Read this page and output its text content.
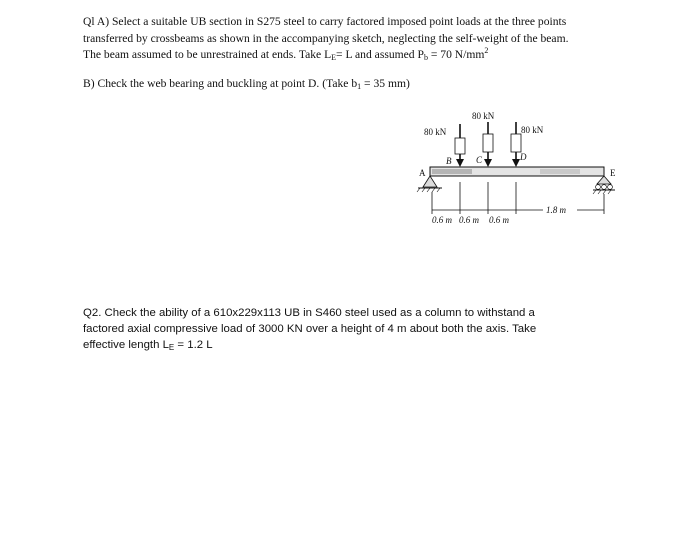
Ql A) Select a suitable UB section in S275 steel to carry factored imposed point loads at the three points
transferred by crossbeams as shown in the accompanying sketch, neglecting the self-weight of the beam.
The beam assumed to be unrestrained at ends. Take $L_E= L$ and assumed $P_b = 70$ $N/mm^2$
B) Check the web bearing and buckling at point D. (Take $b_1 = 35$ mm)
80 kN
80 kN	80 kN
B	C	D
A	E
0.6 m 0.6 m 0.6 m
1.8 m
Q2. Check the ability of a 610x229x113 UB in S460 steel used as a column to withstand a
factored axial compressive load of 3000 KN over a height of 4 m about both the axis. Take
effective length $L_E = 1.2$ L
